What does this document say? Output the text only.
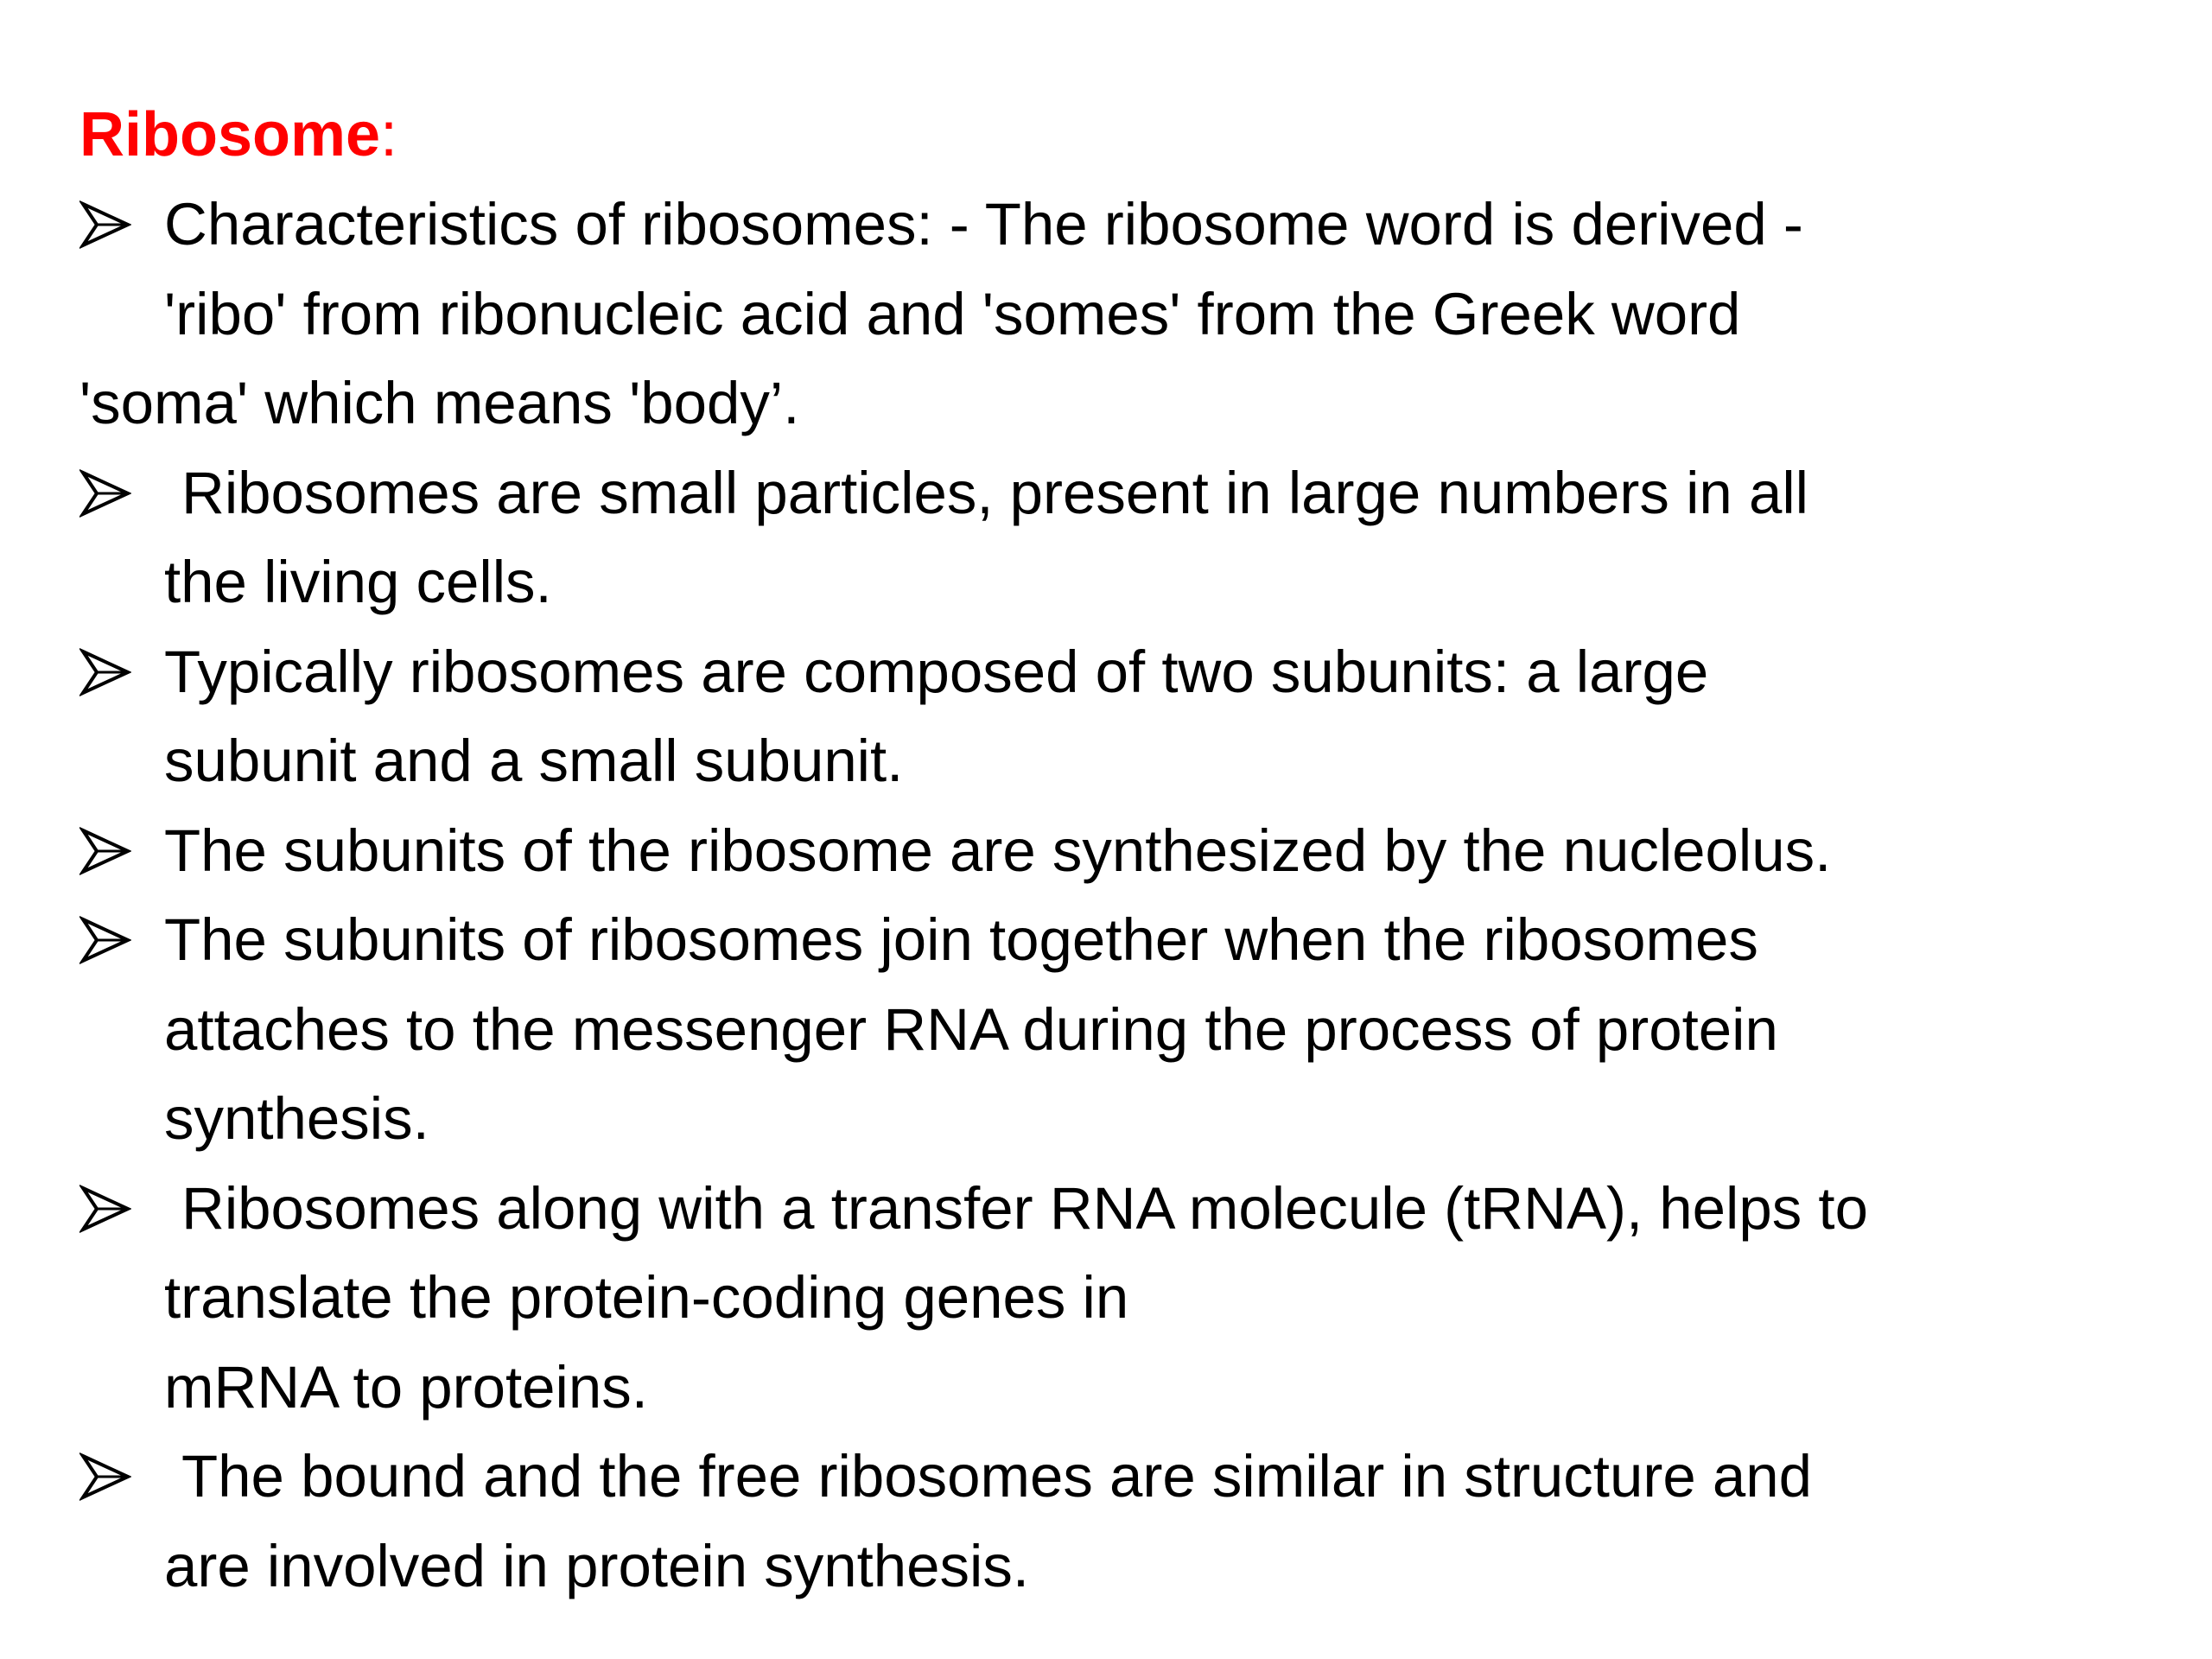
Ribosome:
Characteristics of ribosomes: - The ribosome word is derived -
'ribo' from ribonucleic acid and 'somes' from the Greek word
'soma' which means 'body’.
Ribosomes are small particles, present in large numbers in all
the living cells.
Typically ribosomes are composed of two subunits: a large
subunit and a small subunit.
The subunits of the ribosome are synthesized by the nucleolus.
The subunits of ribosomes join together when the ribosomes
attaches to the messenger RNA during the process of protein
synthesis.
Ribosomes along with a transfer RNA molecule (tRNA), helps to
translate the protein-coding genes in
mRNA to proteins.
The bound and the free ribosomes are similar in structure and
are involved in protein synthesis.
